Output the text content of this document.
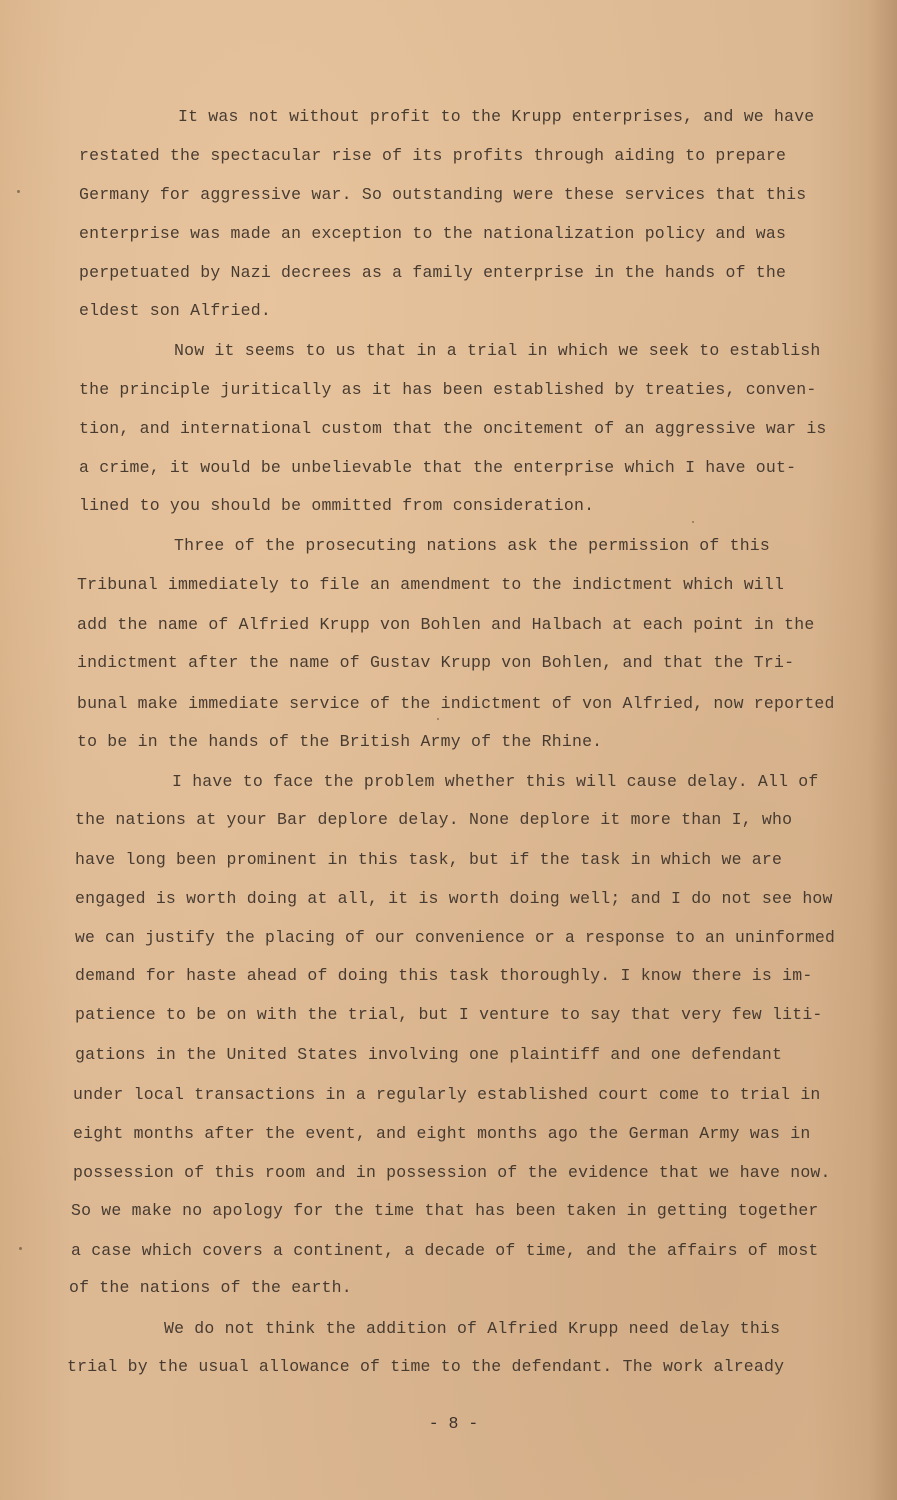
It was not without profit to the Krupp enterprises, and we have
restated the spectacular rise of its profits through aiding to prepare
Germany for aggressive war. So outstanding were these services that this
enterprise was made an exception to the nationalization policy and was
perpetuated by Nazi decrees as a family enterprise in the hands of the
eldest son Alfried.
Now it seems to us that in a trial in which we seek to establish
the principle juritically as it has been established by treaties, conven-
tion, and international custom that the oncitement of an aggressive war is
a crime, it would be unbelievable that the enterprise which I have out-
lined to you should be ommitted from consideration.
Three of the prosecuting nations ask the permission of this
Tribunal immediately to file an amendment to the indictment which will
add the name of Alfried Krupp von Bohlen and Halbach at each point in the
indictment after the name of Gustav Krupp von Bohlen, and that the Tri-
bunal make immediate service of the indictment of von Alfried, now reported
to be in the hands of the British Army of the Rhine.
I have to face the problem whether this will cause delay. All of
the nations at your Bar deplore delay. None deplore it more than I, who
have long been prominent in this task, but if the task in which we are
engaged is worth doing at all, it is worth doing well; and I do not see how
we can justify the placing of our convenience or a response to an uninformed
demand for haste ahead of doing this task thoroughly. I know there is im-
patience to be on with the trial, but I venture to say that very few liti-
gations in the United States involving one plaintiff and one defendant
under local transactions in a regularly established court come to trial in
eight months after the event, and eight months ago the German Army was in
possession of this room and in possession of the evidence that we have now.
So we make no apology for the time that has been taken in getting together
a case which covers a continent, a decade of time, and the affairs of most
of the nations of the earth.
We do not think the addition of Alfried Krupp need delay this
trial by the usual allowance of time to the defendant. The work already
- 8 -
